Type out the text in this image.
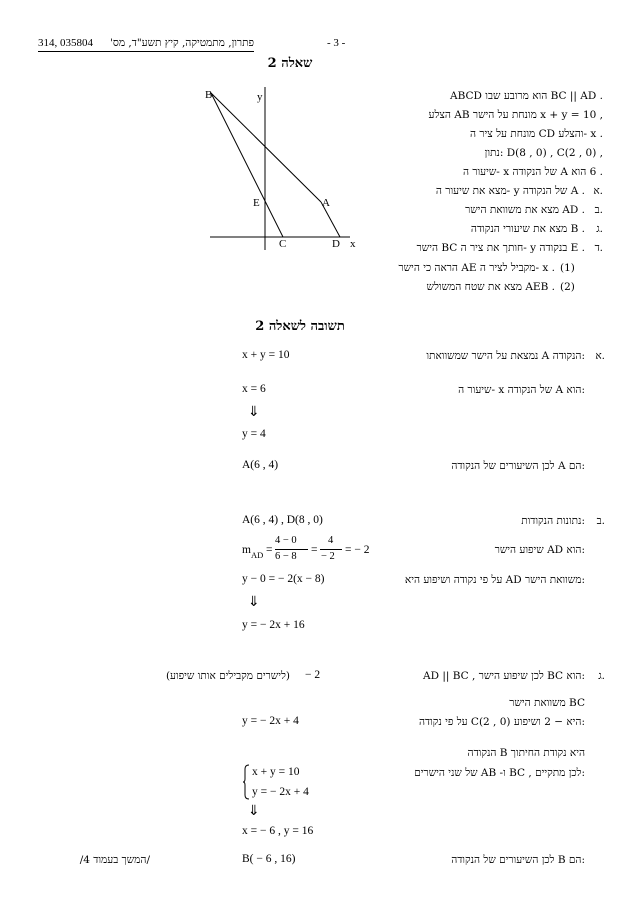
314, 035804	פתרון, מתמטיקה, קיץ תשע"ד, מס'	- 3 -
שאלה 2
B	y
E	A
C	D x
. BC || AD הוא מרובע שבו ABCD
, x + y = 10 מונחת על הישר AB הצלע
. x -והצלע CD מונחת על ציר ה
, D(8 , 0) , C(2 , 0) :נתון
. 6 הוא A של הנקודה x -שיעור ה
.א
. A של הנקודה y -מצא את שיעור ה
.ב
. AD מצא את משוואת הישר
.ג
. B מצא את שיעורי הנקודה
.ד
. E בנקודה y -חותך את ציר ה BC הישר
(1)
. x -מקביל לציר ה AE הראה כי הישר
(2)
. AEB מצא את שטח המשולש
תשובה לשאלה 2
.א
:הנקודה A נמצאת על הישר שמשוואתו
x + y = 10
:הוא A של הנקודה x -שיעור ה
x = 6
⇓
y = 4
:הם A לכן השיעורים של הנקודה
A(6 , 4)
.ב
:נתונות הנקודות
A(6 , 4) , D(8 , 0)
:הוא AD שיפוע הישר
m AD =
4 − 0
6 − 8
=
4
− 2
= − 2
:משוואת הישר AD על פי נקודה ושיפוע היא
y − 0 = − 2(x − 8)
⇓
y = − 2x + 16
.ג
:הוא BC לכן שיפוע הישר , AD || BC
− 2
(לישרים מקבילים אותו שיפוע)
BC משוואת הישר
:היא − 2 ושיפוע C(2 , 0) על פי נקודה
y = − 2x + 4
היא נקודת החיתוך B הנקודה
:לכן מתקיים , BC ו- AB של שני הישרים
x + y = 10
y = − 2x + 4
⇓
x = − 6 , y = 16
:הם B לכן השיעורים של הנקודה
B( − 6 , 16)
/המשך בעמוד 4/
